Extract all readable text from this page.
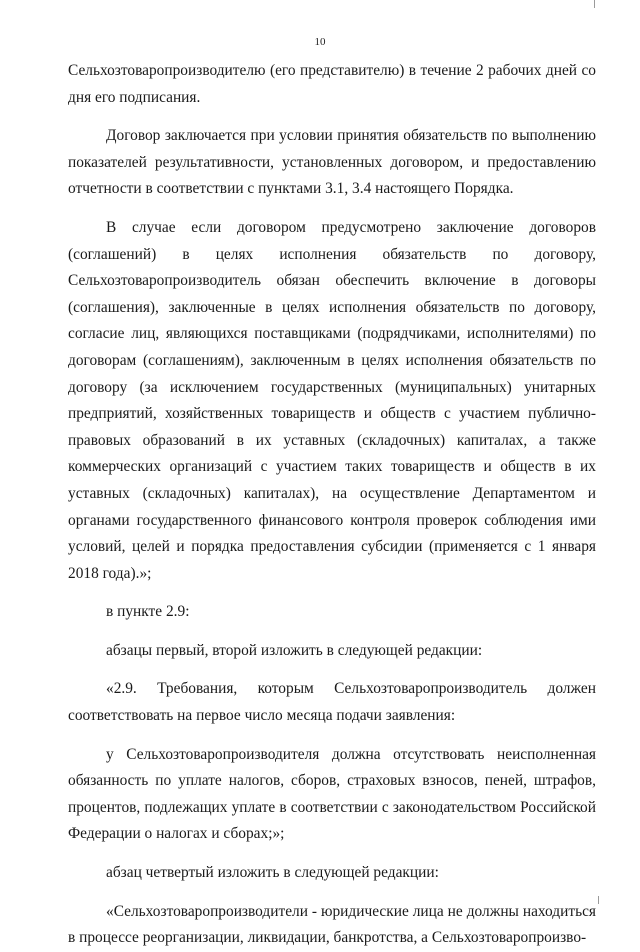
10

Сельхозтоваропроизводителю (его представителю) в течение 2 рабочих дней со дня его подписания.

Договор заключается при условии принятия обязательств по выполнению показателей результативности, установленных договором, и предоставлению отчетности в соответствии с пунктами 3.1, 3.4 настоящего Порядка.

В случае если договором предусмотрено заключение договоров (соглашений) в целях исполнения обязательств по договору, Сельхозтоваропроизводитель обязан обеспечить включение в договоры (соглашения), заключенные в целях исполнения обязательств по договору, согласие лиц, являющихся поставщиками (подрядчиками, исполнителями) по договорам (соглашениям), заключенным в целях исполнения обязательств по договору (за исключением государственных (муниципальных) унитарных предприятий, хозяйственных товариществ и обществ с участием публично-правовых образований в их уставных (складочных) капиталах, а также коммерческих организаций с участием таких товариществ и обществ в их уставных (складочных) капиталах), на осуществление Департаментом и органами государственного финансового контроля проверок соблюдения ими условий, целей и порядка предоставления субсидии (применяется с 1 января 2018 года).»;

в пункте 2.9:

абзацы первый, второй изложить в следующей редакции:

«2.9. Требования, которым Сельхозтоваропроизводитель должен соответствовать на первое число месяца подачи заявления:

у Сельхозтоваропроизводителя должна отсутствовать неисполненная обязанность по уплате налогов, сборов, страховых взносов, пеней, штрафов, процентов, подлежащих уплате в соответствии с законодательством Российской Федерации о налогах и сборах;»;

абзац четвертый изложить в следующей редакции:

«Сельхозтоваропроизводители - юридические лица не должны находиться в процессе реорганизации, ликвидации, банкротства, а Сельхозтоваропроизво-
